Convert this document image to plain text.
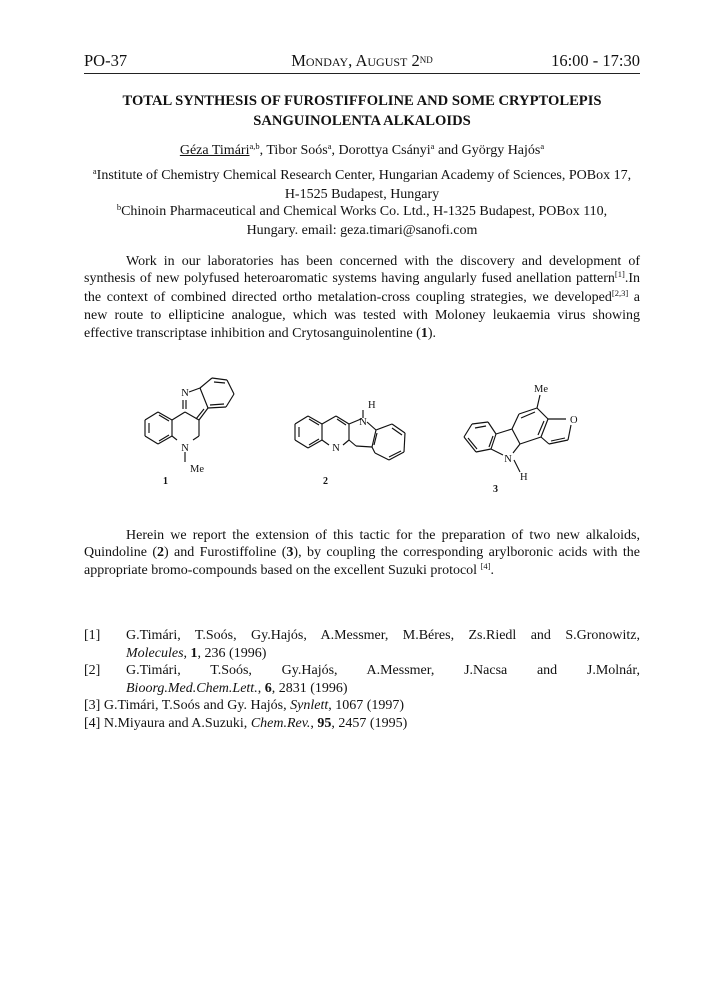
PO-37	Monday, August 2ND	16:00 - 17:30
TOTAL SYNTHESIS OF FUROSTIFFOLINE AND SOME CRYPTOLEPIS
SANGUINOLENTA ALKALOIDS
Géza Timári$^{a,b}$, Tibor Soós$^a$, Dorottya Csányi$^a$ and György Hajós$^a$
$^a$Institute of Chemistry Chemical Research Center, Hungarian Academy of Sciences, POBox 17,
H-1525 Budapest, Hungary
$^b$Chinoin Pharmaceutical and Chemical Works Co. Ltd., H-1325 Budapest, POBox 110,
Hungary. email: geza.timari@sanofi.com
Work in our laboratories has been concerned with the discovery and development of synthesis of new polyfused heteroaromatic systems having angularly fused anellation pattern[1].In the context of combined directed ortho metalation-cross coupling strategies, we developed[2,3] a new route to ellipticine analogue, which was tested with Moloney leukaemia virus showing effective transcriptase inhibition and Crytosanguinolentine (1).
N
N
Me
1
N
H
N
2
Me
O
N
H
3
Herein we report the extension of this tactic for the preparation of two new alkaloids, Quindoline (2) and Furostiffoline (3), by coupling the corresponding arylboronic acids with the appropriate bromo-compounds based on the excellent Suzuki protocol [4].
[1]	G.Timári, T.Soós, Gy.Hajós, A.Messmer, M.Béres, Zs.Riedl and S.Gronowitz,
Molecules, 1, 236 (1996)
[2]	G.Timári, T.Soós, Gy.Hajós, A.Messmer, J.Nacsa and J.Molnár,
Bioorg.Med.Chem.Lett., 6, 2831 (1996)
[3] G.Timári, T.Soós and Gy. Hajós, Synlett, 1067 (1997)
[4] N.Miyaura and A.Suzuki, Chem.Rev., 95, 2457 (1995)
